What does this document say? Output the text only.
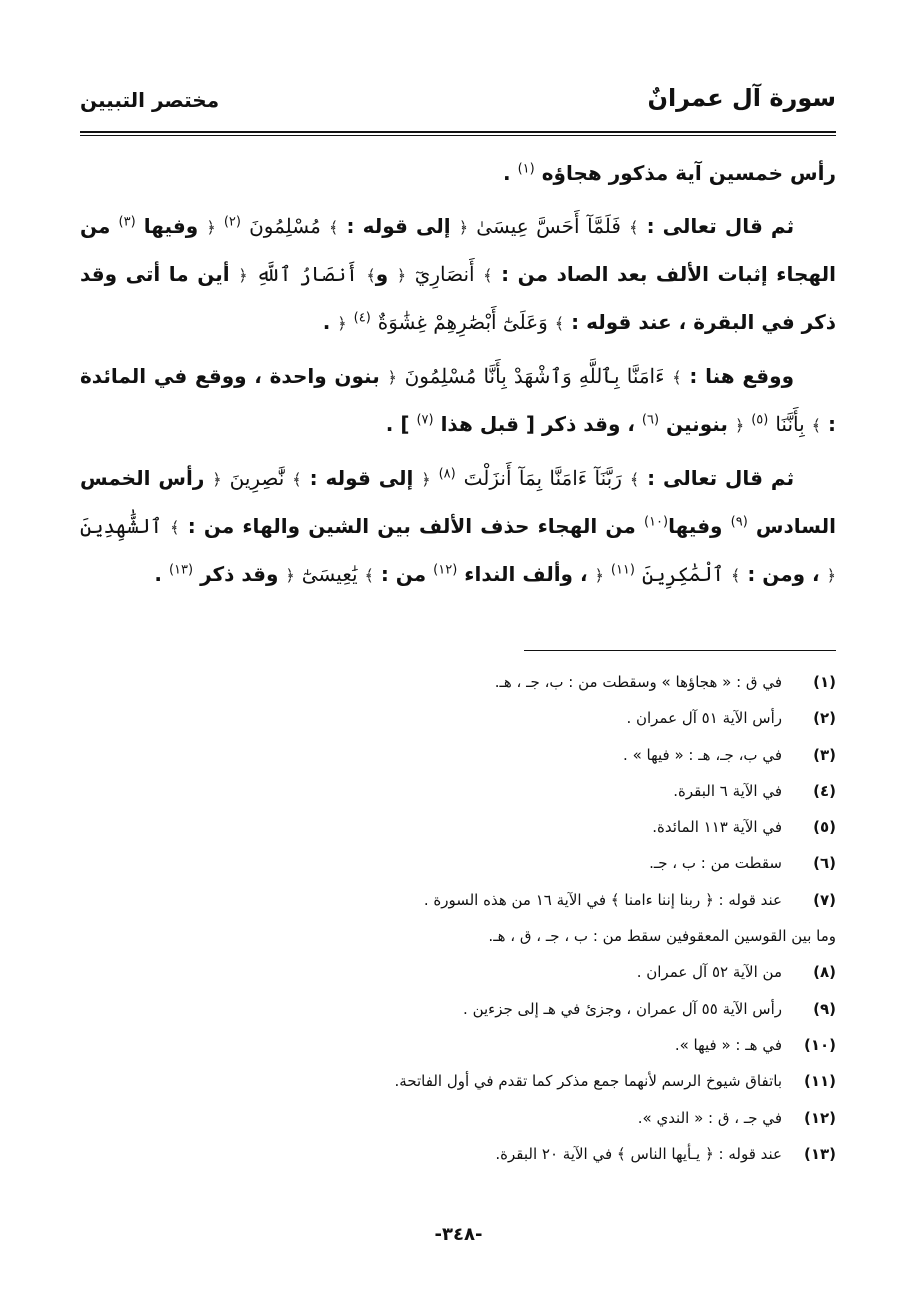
سورة آل عمرانٌ
مختصر التبيين

رأس خمسين آية مذكور هجاؤه $^{(١)}$ .

ثم قال تعالى : ﴾ فَلَمَّآ أَحَسَّ عِيسَىٰ ﴿ إلى قوله : ﴾ مُسْلِمُونَ $^{(٢)}$ ﴿ وفيها $^{(٣)}$ من الهجاء إثبات الألف بعد الصاد من : ﴾ أَنصَارِيٓ ﴿ و﴾ أَنصَارُ ٱللَّهِ ﴿ أين ما أتى وقد ذكر في البقرة ، عند قوله : ﴾ وَعَلَىٰٓ أَبْصَٰرِهِمْ غِشَٰوَةٌ $^{(٤)}$ ﴿ .

ووقع هنا : ﴾ ءَامَنَّا بِٱللَّهِ وَٱشْهَدْ بِأَنَّا مُسْلِمُونَ ﴿ بنون واحدة ، ووقع في المائدة : ﴾ بِأَنَّنَا $^{(٥)}$ ﴿ بنونين $^{(٦)}$ ، وقد ذكر [ قبل هذا $^{(٧)}$ ] .

ثم قال تعالى : ﴾ رَبَّنَآ ءَامَنَّا بِمَآ أَنزَلْتَ $^{(٨)}$ ﴿ إلى قوله : ﴾ نَّٰصِرِينَ ﴿ رأس الخمس السادس $^{(٩)}$ وفيها$^{(١٠)}$ من الهجاء حذف الألف بين الشين والهاء من : ﴾ ٱلشَّٰهِدِينَ ﴿ ، ومن : ﴾ ٱلْمَٰكِرِينَ $^{(١١)}$ ﴿ ، وألف النداء $^{(١٢)}$ من : ﴾ يَٰعِيسَىٰٓ ﴿ وقد ذكر $^{(١٣)}$ .

(١)في ق : « هجاؤها » وسقطت من : ب، جـ ، هـ.
(٢)رأس الآية ٥١ آل عمران .
(٣)في ب، جـ، هـ : « فيها » .
(٤)في الآية ٦ البقرة.
(٥)في الآية ١١٣ المائدة.
(٦)سقطت من : ب ، جـ.
(٧)عند قوله : ﴿ ربنا إننا ءامنا ﴾ في الآية ١٦ من هذه السورة .
وما بين القوسين المعقوفين سقط من : ب ، جـ ، ق ، هـ.
(٨)من الآية ٥٢ آل عمران .
(٩)رأس الآية ٥٥ آل عمران ، وجزئ في هـ إلى جزءين .
(١٠)في هـ : « فيها ».
(١١)باتفاق شيوخ الرسم لأنهما جمع مذكر كما تقدم في أول الفاتحة.
(١٢)في جـ ، ق : « الندي ».
(١٣)عند قوله : ﴿ يـأيها الناس ﴾ في الآية ٢٠ البقرة.
-٣٤٨-
